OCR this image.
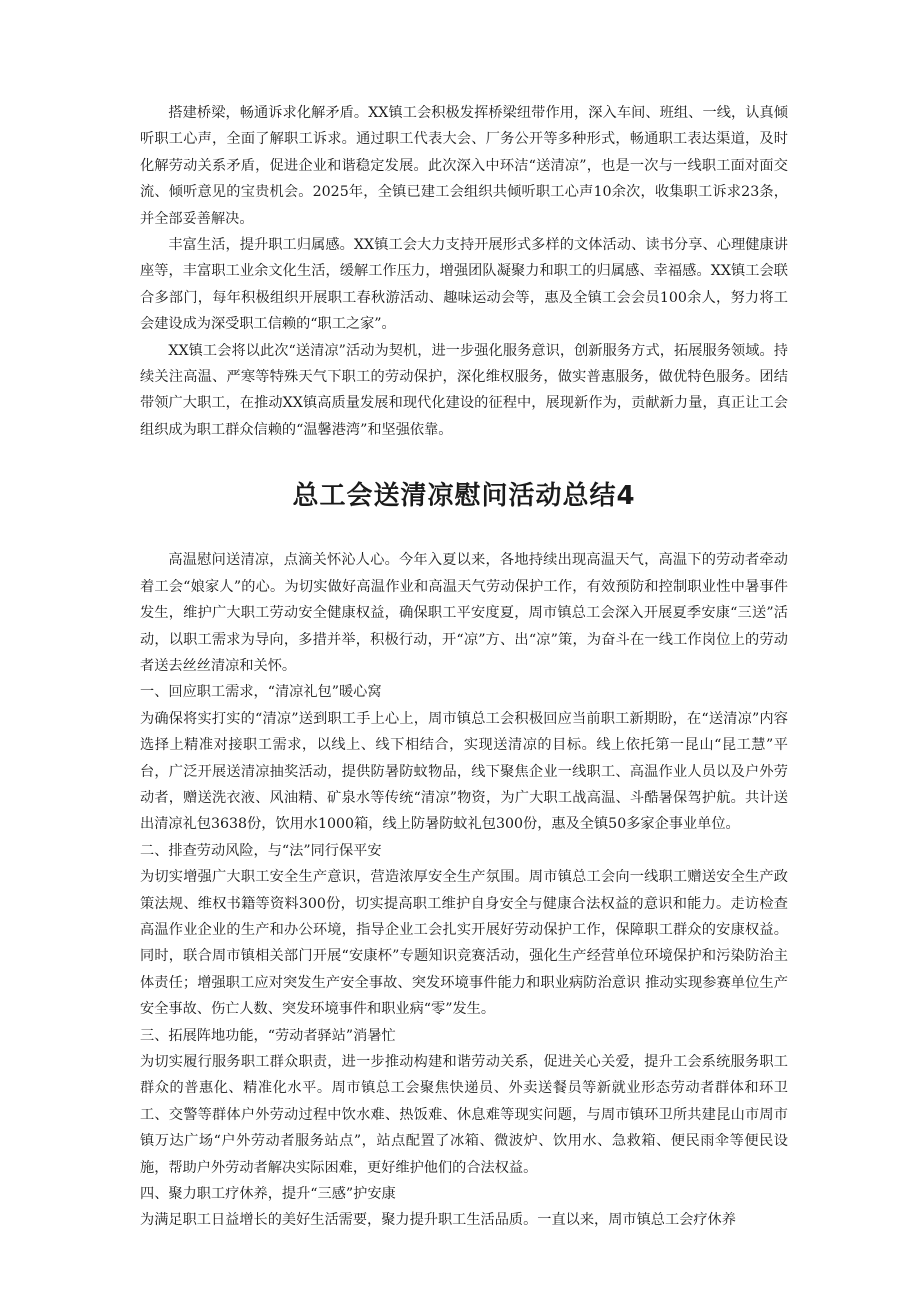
搭建桥梁，畅通诉求化解矛盾。XX镇工会积极发挥桥梁纽带作用，深入车间、班组、一线，认真倾听职工心声，全面了解职工诉求。通过职工代表大会、厂务公开等多种形式，畅通职工表达渠道，及时化解劳动关系矛盾，促进企业和谐稳定发展。此次深入中环洁“送清凉”，也是一次与一线职工面对面交流、倾听意见的宝贵机会。2025年，全镇已建工会组织共倾听职工心声10余次，收集职工诉求23条，并全部妥善解决。

丰富生活，提升职工归属感。XX镇工会大力支持开展形式多样的文体活动、读书分享、心理健康讲座等，丰富职工业余文化生活，缓解工作压力，增强团队凝聚力和职工的归属感、幸福感。XX镇工会联合多部门，每年积极组织开展职工春秋游活动、趣味运动会等，惠及全镇工会会员100余人，努力将工会建设成为深受职工信赖的“职工之家”。

XX镇工会将以此次“送清凉”活动为契机，进一步强化服务意识，创新服务方式，拓展服务领域。持续关注高温、严寒等特殊天气下职工的劳动保护，深化维权服务，做实普惠服务，做优特色服务。团结带领广大职工，在推动XX镇高质量发展和现代化建设的征程中，展现新作为，贡献新力量，真正让工会组织成为职工群众信赖的“温馨港湾”和坚强依靠。

总工会送清凉慰问活动总结4

高温慰问送清凉，点滴关怀沁人心。今年入夏以来，各地持续出现高温天气，高温下的劳动者牵动着工会“娘家人”的心。为切实做好高温作业和高温天气劳动保护工作，有效预防和控制职业性中暑事件发生，维护广大职工劳动安全健康权益，确保职工平安度夏，周市镇总工会深入开展夏季安康“三送”活动，以职工需求为导向，多措并举，积极行动，开“凉”方、出“凉”策，为奋斗在一线工作岗位上的劳动者送去丝丝清凉和关怀。

一、回应职工需求，“清凉礼包”暖心窝

为确保将实打实的“清凉”送到职工手上心上，周市镇总工会积极回应当前职工新期盼，在“送清凉”内容选择上精准对接职工需求，以线上、线下相结合，实现送清凉的目标。线上依托第一昆山“昆工慧”平台，广泛开展送清凉抽奖活动，提供防暑防蚊物品，线下聚焦企业一线职工、高温作业人员以及户外劳动者，赠送洗衣液、风油精、矿泉水等传统“清凉”物资，为广大职工战高温、斗酷暑保驾护航。共计送出清凉礼包3638份，饮用水1000箱，线上防暑防蚊礼包300份，惠及全镇50多家企事业单位。

二、排查劳动风险，与“法”同行保平安

为切实增强广大职工安全生产意识，营造浓厚安全生产氛围。周市镇总工会向一线职工赠送安全生产政策法规、维权书籍等资料300份，切实提高职工维护自身安全与健康合法权益的意识和能力。走访检查高温作业企业的生产和办公环境，指导企业工会扎实开展好劳动保护工作，保障职工群众的安康权益。同时，联合周市镇相关部门开展“安康杯”专题知识竞赛活动，强化生产经营单位环境保护和污染防治主体责任；增强职工应对突发生产安全事故、突发环境事件能力和职业病防治意识 推动实现参赛单位生产安全事故、伤亡人数、突发环境事件和职业病“零”发生。

三、拓展阵地功能，“劳动者驿站”消暑忙

为切实履行服务职工群众职责，进一步推动构建和谐劳动关系，促进关心关爱，提升工会系统服务职工群众的普惠化、精准化水平。周市镇总工会聚焦快递员、外卖送餐员等新就业形态劳动者群体和环卫工、交警等群体户外劳动过程中饮水难、热饭难、休息难等现实问题，与周市镇环卫所共建昆山市周市镇万达广场“户外劳动者服务站点”，站点配置了冰箱、微波炉、饮用水、急救箱、便民雨伞等便民设施，帮助户外劳动者解决实际困难，更好维护他们的合法权益。

四、聚力职工疗休养，提升“三感”护安康

为满足职工日益增长的美好生活需要，聚力提升职工生活品质。一直以来，周市镇总工会疗休养
